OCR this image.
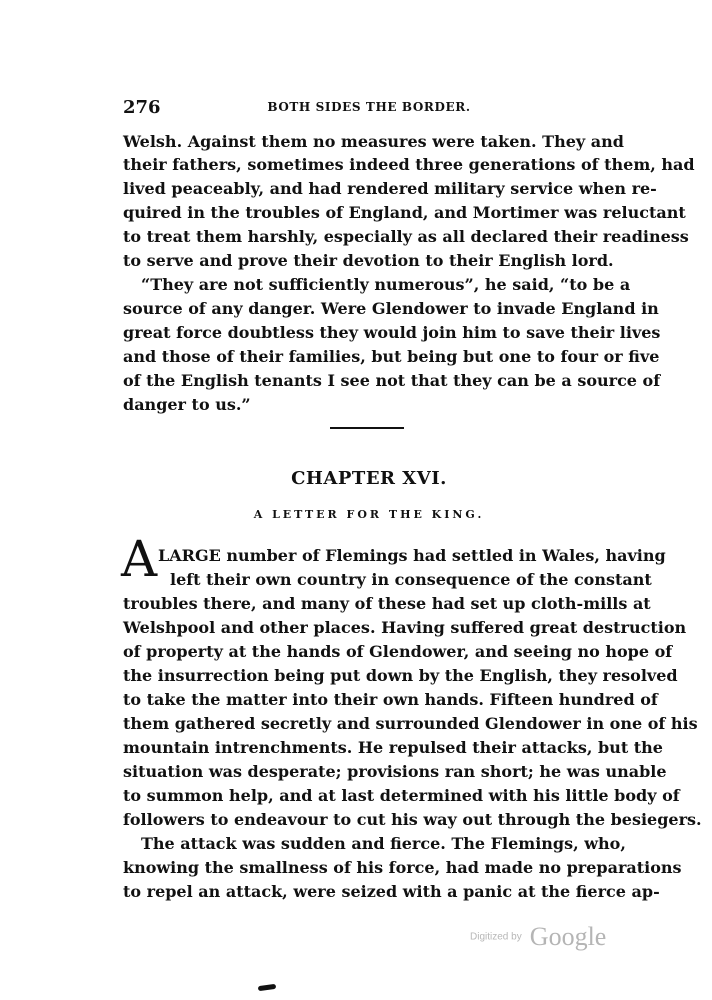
276	BOTH SIDES THE BORDER.
Welsh. Against them no measures were taken. They and
their fathers, sometimes indeed three generations of them, had
lived peaceably, and had rendered military service when re-
quired in the troubles of England, and Mortimer was reluctant
to treat them harshly, especially as all declared their readiness
to serve and prove their devotion to their English lord.
“They are not sufficiently numerous”, he said, “to be a
source of any danger. Were Glendower to invade England in
great force doubtless they would join him to save their lives
and those of their families, but being but one to four or five
of the English tenants I see not that they can be a source of
danger to us.”
CHAPTER XVI.
A LETTER FOR THE KING.
A LARGE number of Flemings had settled in Wales, having
left their own country in consequence of the constant
troubles there, and many of these had set up cloth-mills at
Welshpool and other places. Having suffered great destruction
of property at the hands of Glendower, and seeing no hope of
the insurrection being put down by the English, they resolved
to take the matter into their own hands. Fifteen hundred of
them gathered secretly and surrounded Glendower in one of his
mountain intrenchments. He repulsed their attacks, but the
situation was desperate; provisions ran short; he was unable
to summon help, and at last determined with his little body of
followers to endeavour to cut his way out through the besiegers.
The attack was sudden and fierce. The Flemings, who,
knowing the smallness of his force, had made no preparations
to repel an attack, were seized with a panic at the fierce ap-
Digitized by Google
